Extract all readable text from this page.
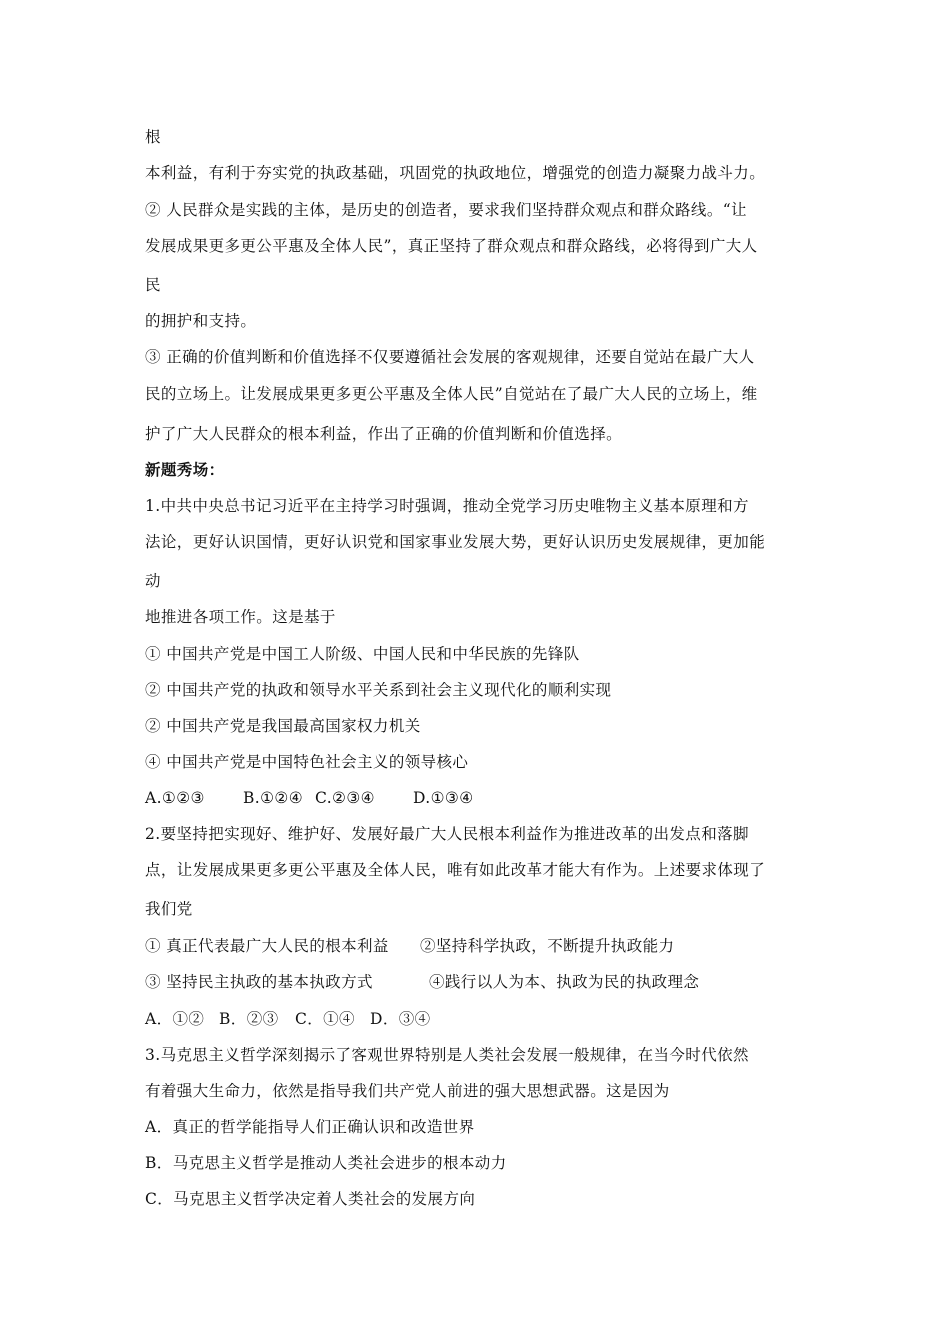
根
本利益，有利于夯实党的执政基础，巩固党的执政地位，增强党的创造力凝聚力战斗力。
② 人民群众是实践的主体，是历史的创造者，要求我们坚持群众观点和群众路线。“让
发展成果更多更公平惠及全体人民”，真正坚持了群众观点和群众路线，必将得到广大人
民
的拥护和支持。
③ 正确的价值判断和价值选择不仅要遵循社会发展的客观规律，还要自觉站在最广大人
民的立场上。让发展成果更多更公平惠及全体人民”自觉站在了最广大人民的立场上，维
护了广大人民群众的根本利益，作出了正确的价值判断和价值选择。
新题秀场：
1.中共中央总书记习近平在主持学习时强调，推动全党学习历史唯物主义基本原理和方
法论，更好认识国情，更好认识党和国家事业发展大势，更好认识历史发展规律，更加能
动
地推进各项工作。这是基于
① 中国共产党是中国工人阶级、中国人民和中华民族的先锋队
② 中国共产党的执政和领导水平关系到社会主义现代化的顺利实现
② 中国共产党是我国最高国家权力机关
④ 中国共产党是中国特色社会主义的领导核心
A.①②③ B.①②④ C.②③④ D.①③④
2.要坚持把实现好、维护好、发展好最广大人民根本利益作为推进改革的出发点和落脚
点，让发展成果更多更公平惠及全体人民，唯有如此改革才能大有作为。上述要求体现了
我们党
① 真正代表最广大人民的根本利益 ②坚持科学执政，不断提升执政能力
③ 坚持民主执政的基本执政方式	④践行以人为本、执政为民的执政理念
A．①② B．②③ C．①④ D．③④
3.马克思主义哲学深刻揭示了客观世界特别是人类社会发展一般规律，在当今时代依然
有着强大生命力，依然是指导我们共产党人前进的强大思想武器。这是因为
A．真正的哲学能指导人们正确认识和改造世界
B．马克思主义哲学是推动人类社会进步的根本动力
C．马克思主义哲学决定着人类社会的发展方向
